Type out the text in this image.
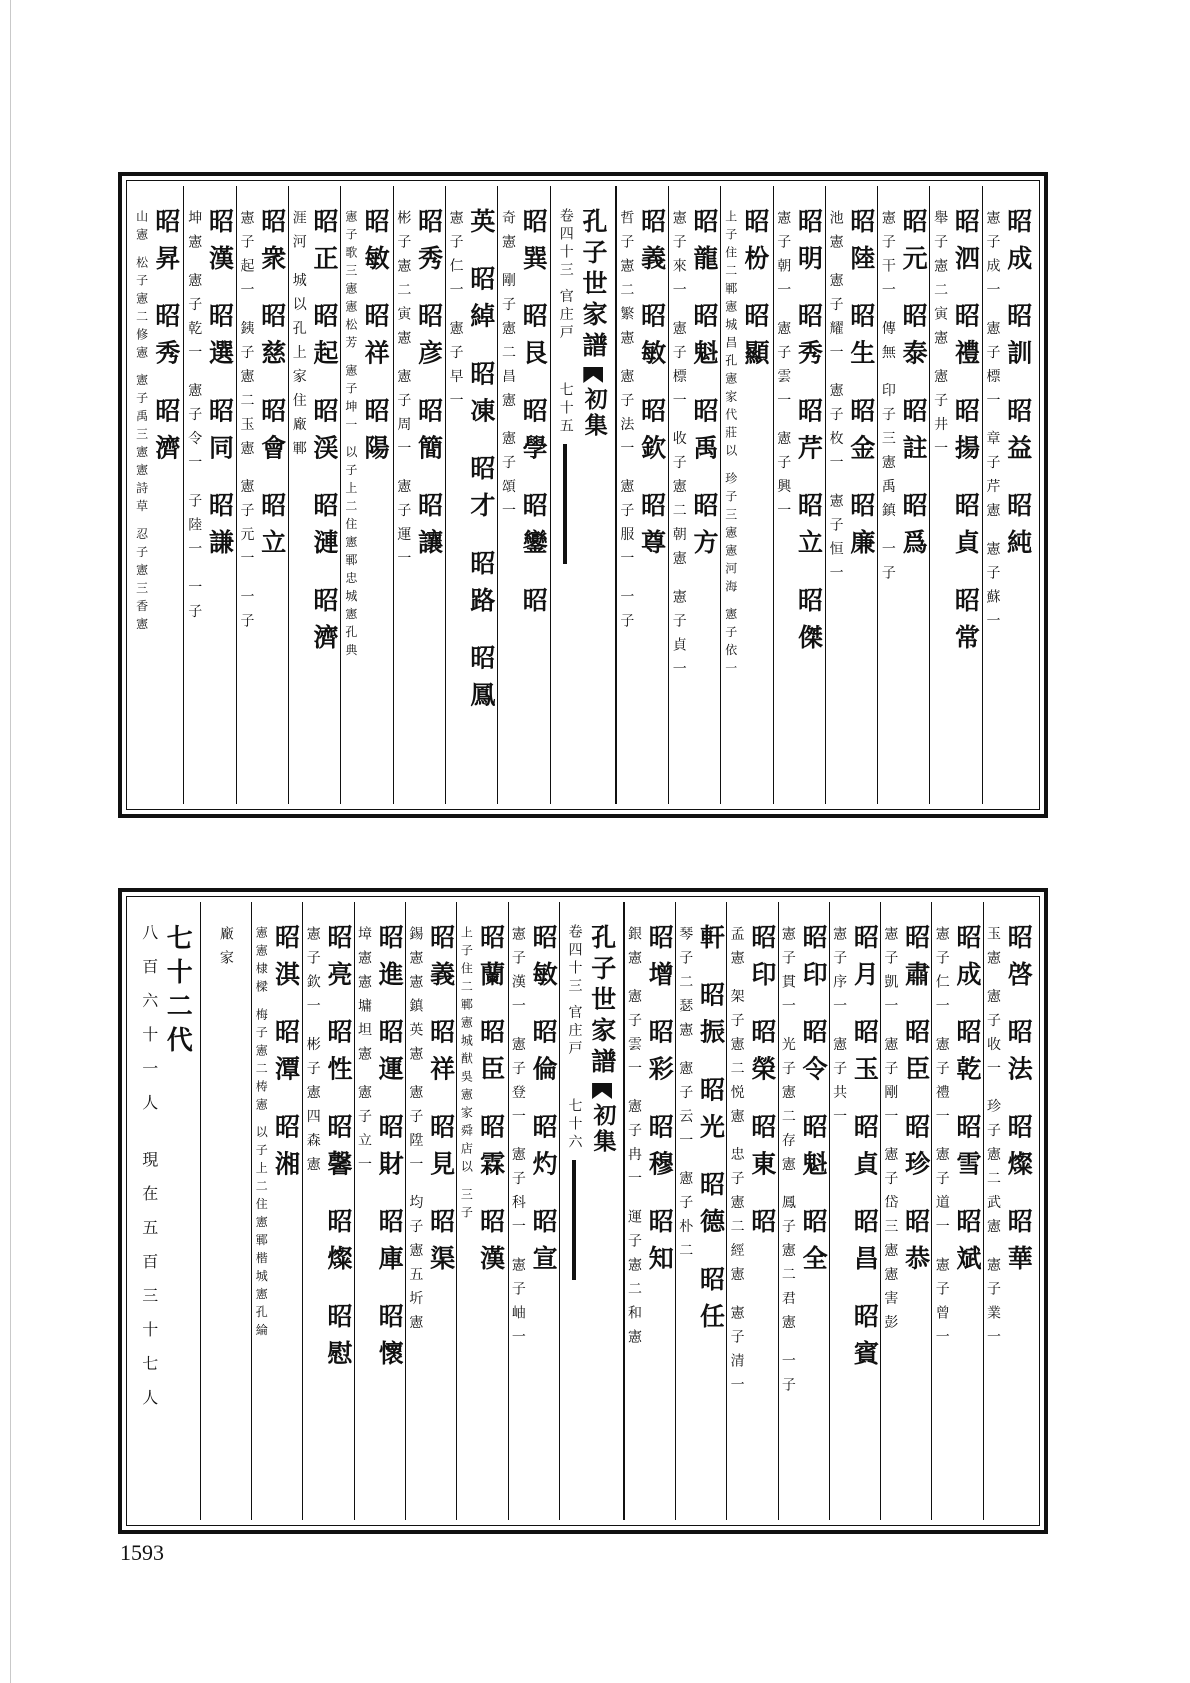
昭成 昭訓 昭益 昭純
憲子成一 憲子標一 章子芹憲 憲子蘇一
昭泗 昭禮 昭揚 昭貞 昭常
舉子憲二寅憲 憲子井一
昭元 昭泰 昭註 昭爲
憲子干一 傳無 印子三憲禹鎮 一子
昭陸 昭生 昭金 昭廉
池憲 憲子耀一 憲子枚一 憲子恒一
昭明 昭秀 昭芹 昭立 昭傑
憲子朝一 憲子雲一 憲子興一
昭枌 昭顯
上子住二鄆憲城昌孔憲家代莊以 珍子三憲憲河海 憲子依一
昭龍 昭魁 昭禹 昭方
憲子來一 憲子標一 收子憲二朝憲 憲子貞一
昭義 昭敏 昭欽 昭尊
哲子憲二繁憲 憲子法一 憲子服一 一子
孔子世家譜
初集
卷四十三 官庄戸
七十五
昭巽 昭艮 昭學 昭鑾 昭
奇憲 剛子憲二昌憲 憲子頌一
英 昭綽 昭凍 昭才 昭路 昭鳳
憲子仁一 憲子早一
昭秀 昭彦 昭簡 昭讓
彬子憲二寅憲 憲子周一 憲子運一
昭敏 昭祥 昭陽
憲子歌三憲憲松芳 憲子坤一 以子上二住憲鄆忠城憲孔典
昭正 昭起 昭渓 昭漣 昭濟
涯河 城以孔上家住廠鄆
昭衆 昭慈 昭會 昭立
憲子起一 銕子憲二玉憲 憲子元一 一子
昭漢 昭選 昭同 昭謙
坤憲 憲子乾一 憲子令一 子陸一 一子
昭昇 昭秀 昭濟
山憲 松子憲二修憲 憲子禹三憲憲詩草 忍子憲三香憲
昭啓 昭法 昭燦 昭華
玉憲 憲子收一 珍子憲二武憲 憲子業一
昭成 昭乾 昭雪 昭斌
憲子仁一 憲子禮一 憲子道一 憲子曾一
昭肅 昭臣 昭珍 昭恭
憲子凱一 憲子剛一 憲子岱三憲憲害彭
昭月 昭玉 昭貞 昭昌 昭賓
憲子序一 憲子共一
昭印 昭令 昭魁 昭全
憲子貫一 光子憲二存憲 鳳子憲二君憲 一子
昭印 昭榮 昭東 昭
孟憲 架子憲二悦憲 忠子憲二經憲 憲子清一
軒 昭振 昭光 昭德 昭任
琴子二瑟憲 憲子云一 憲子朴二
昭增 昭彩 昭穆 昭知
銀憲 憲子雲一 憲子冉一 運子憲二和憲
孔子世家譜
初集
卷四十三 官庄戸
七十六
昭敏 昭倫 昭灼 昭宣
憲子漢一 憲子登一 憲子科一 憲子岫一
昭蘭 昭臣 昭霖 昭漢
上子住二鄆憲城猷吳憲家舜店以 三子
昭義 昭祥 昭見 昭渠
錫憲憲鎮英憲 憲子陞一 均子憲五圻憲
昭進 昭運 昭財 昭庫 昭懷
墇憲憲墉坦憲 憲子立一
昭亮 昭性 昭馨 昭燦 昭慰
憲子欽一 彬子憲四森憲
昭淇 昭潭 昭湘
憲憲棣樑 梅子憲二梼憲 以子上二住憲鄆楷城憲孔綸
廠家
七十二代
八百六十一人 現在五百三十七人
1593
